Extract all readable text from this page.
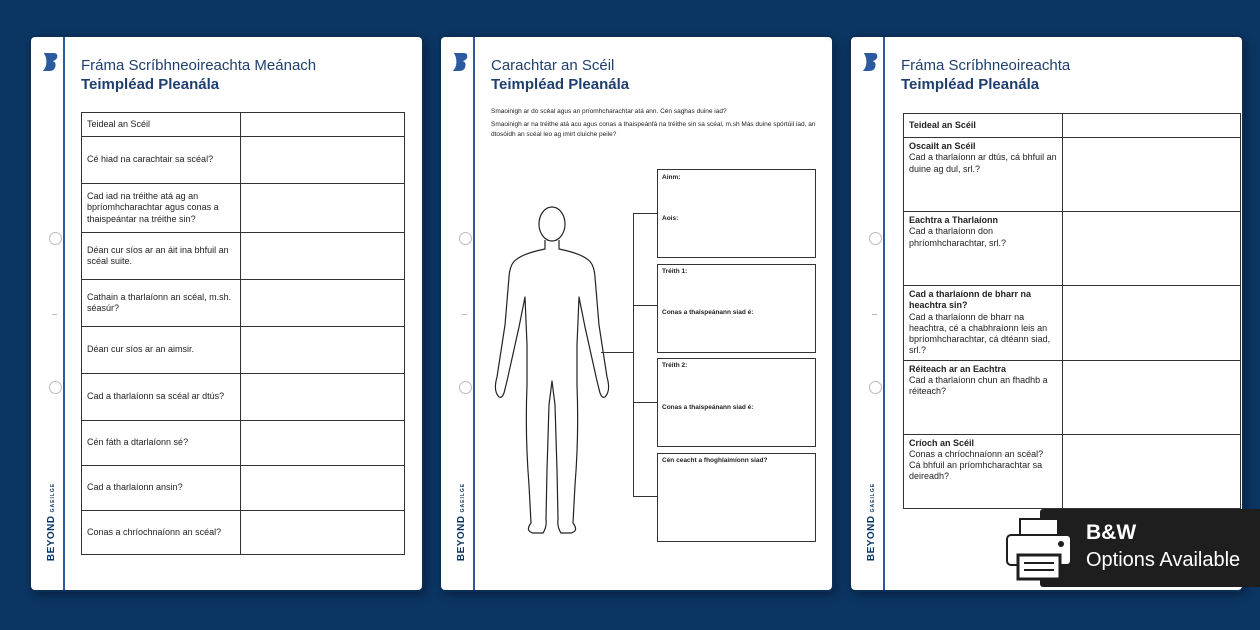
BEYONDGAEILGE
Fráma Scríbhneoireachta Meánach
Teimpléad Pleanála
Teideal an Scéil	
Cé hiad na carachtair sa scéal?	
Cad iad na tréithe atá ag an bpríomhcharachtar agus conas a thaispeántar na tréithe sin?	
Déan cur síos ar an áit ina bhfuil an scéal suite.	
Cathain a tharlaíonn an scéal, m.sh. séasúr?	
Déan cur síos ar an aimsir.	
Cad a tharlaíonn sa scéal ar dtús?	
Cén fáth a dtarlaíonn sé?	
Cad a tharlaíonn ansin?	
Conas a chríochnaíonn an scéal?		BEYONDGAEILGE
Carachtar an Scéil
Teimpléad Pleanála
Smaoinigh ar do scéal agus an príomhcharachtar atá ann. Cén saghas duine iad?
Smaoinigh ar na tréithe atá acu agus conas a thaispeánfá na tréithe sin sa scéal, m.sh Más duine spórtúil iad, an dtosóidh an scéal leo ag imirt cluiche peile?
Ainm:
Aois:
Tréith 1:
Conas a thaispeánann siad é:
Tréith 2:
Conas a thaispeánann siad é:
Cén ceacht a fhoghlaimíonn siad?
BEYONDGAEILGE
Fráma Scríbhneoireachta
Teimpléad Pleanála
Teideal an Scéil	

Oscailt an Scéil
Cad a tharlaíonn ar dtús, cá bhfuil an duine ag dul, srl.?	

Eachtra a Tharlaíonn
Cad a tharlaíonn don phríomhcharachtar, srl.?	

Cad a tharlaíonn de bharr na heachtra sin?
Cad a tharlaíonn de bharr na heachtra, cé a chabhraíonn leis an bpríomhcharachtar, cá dtéann siad, srl.?	

Réiteach ar an Eachtra
Cad a tharlaíonn chun an fhadhb a réiteach?	

Críoch an Scéil
Conas a chríochnaíonn an scéal? Cá bhfuil an príomhcharachtar sa deireadh?	
B&W
Options Available
